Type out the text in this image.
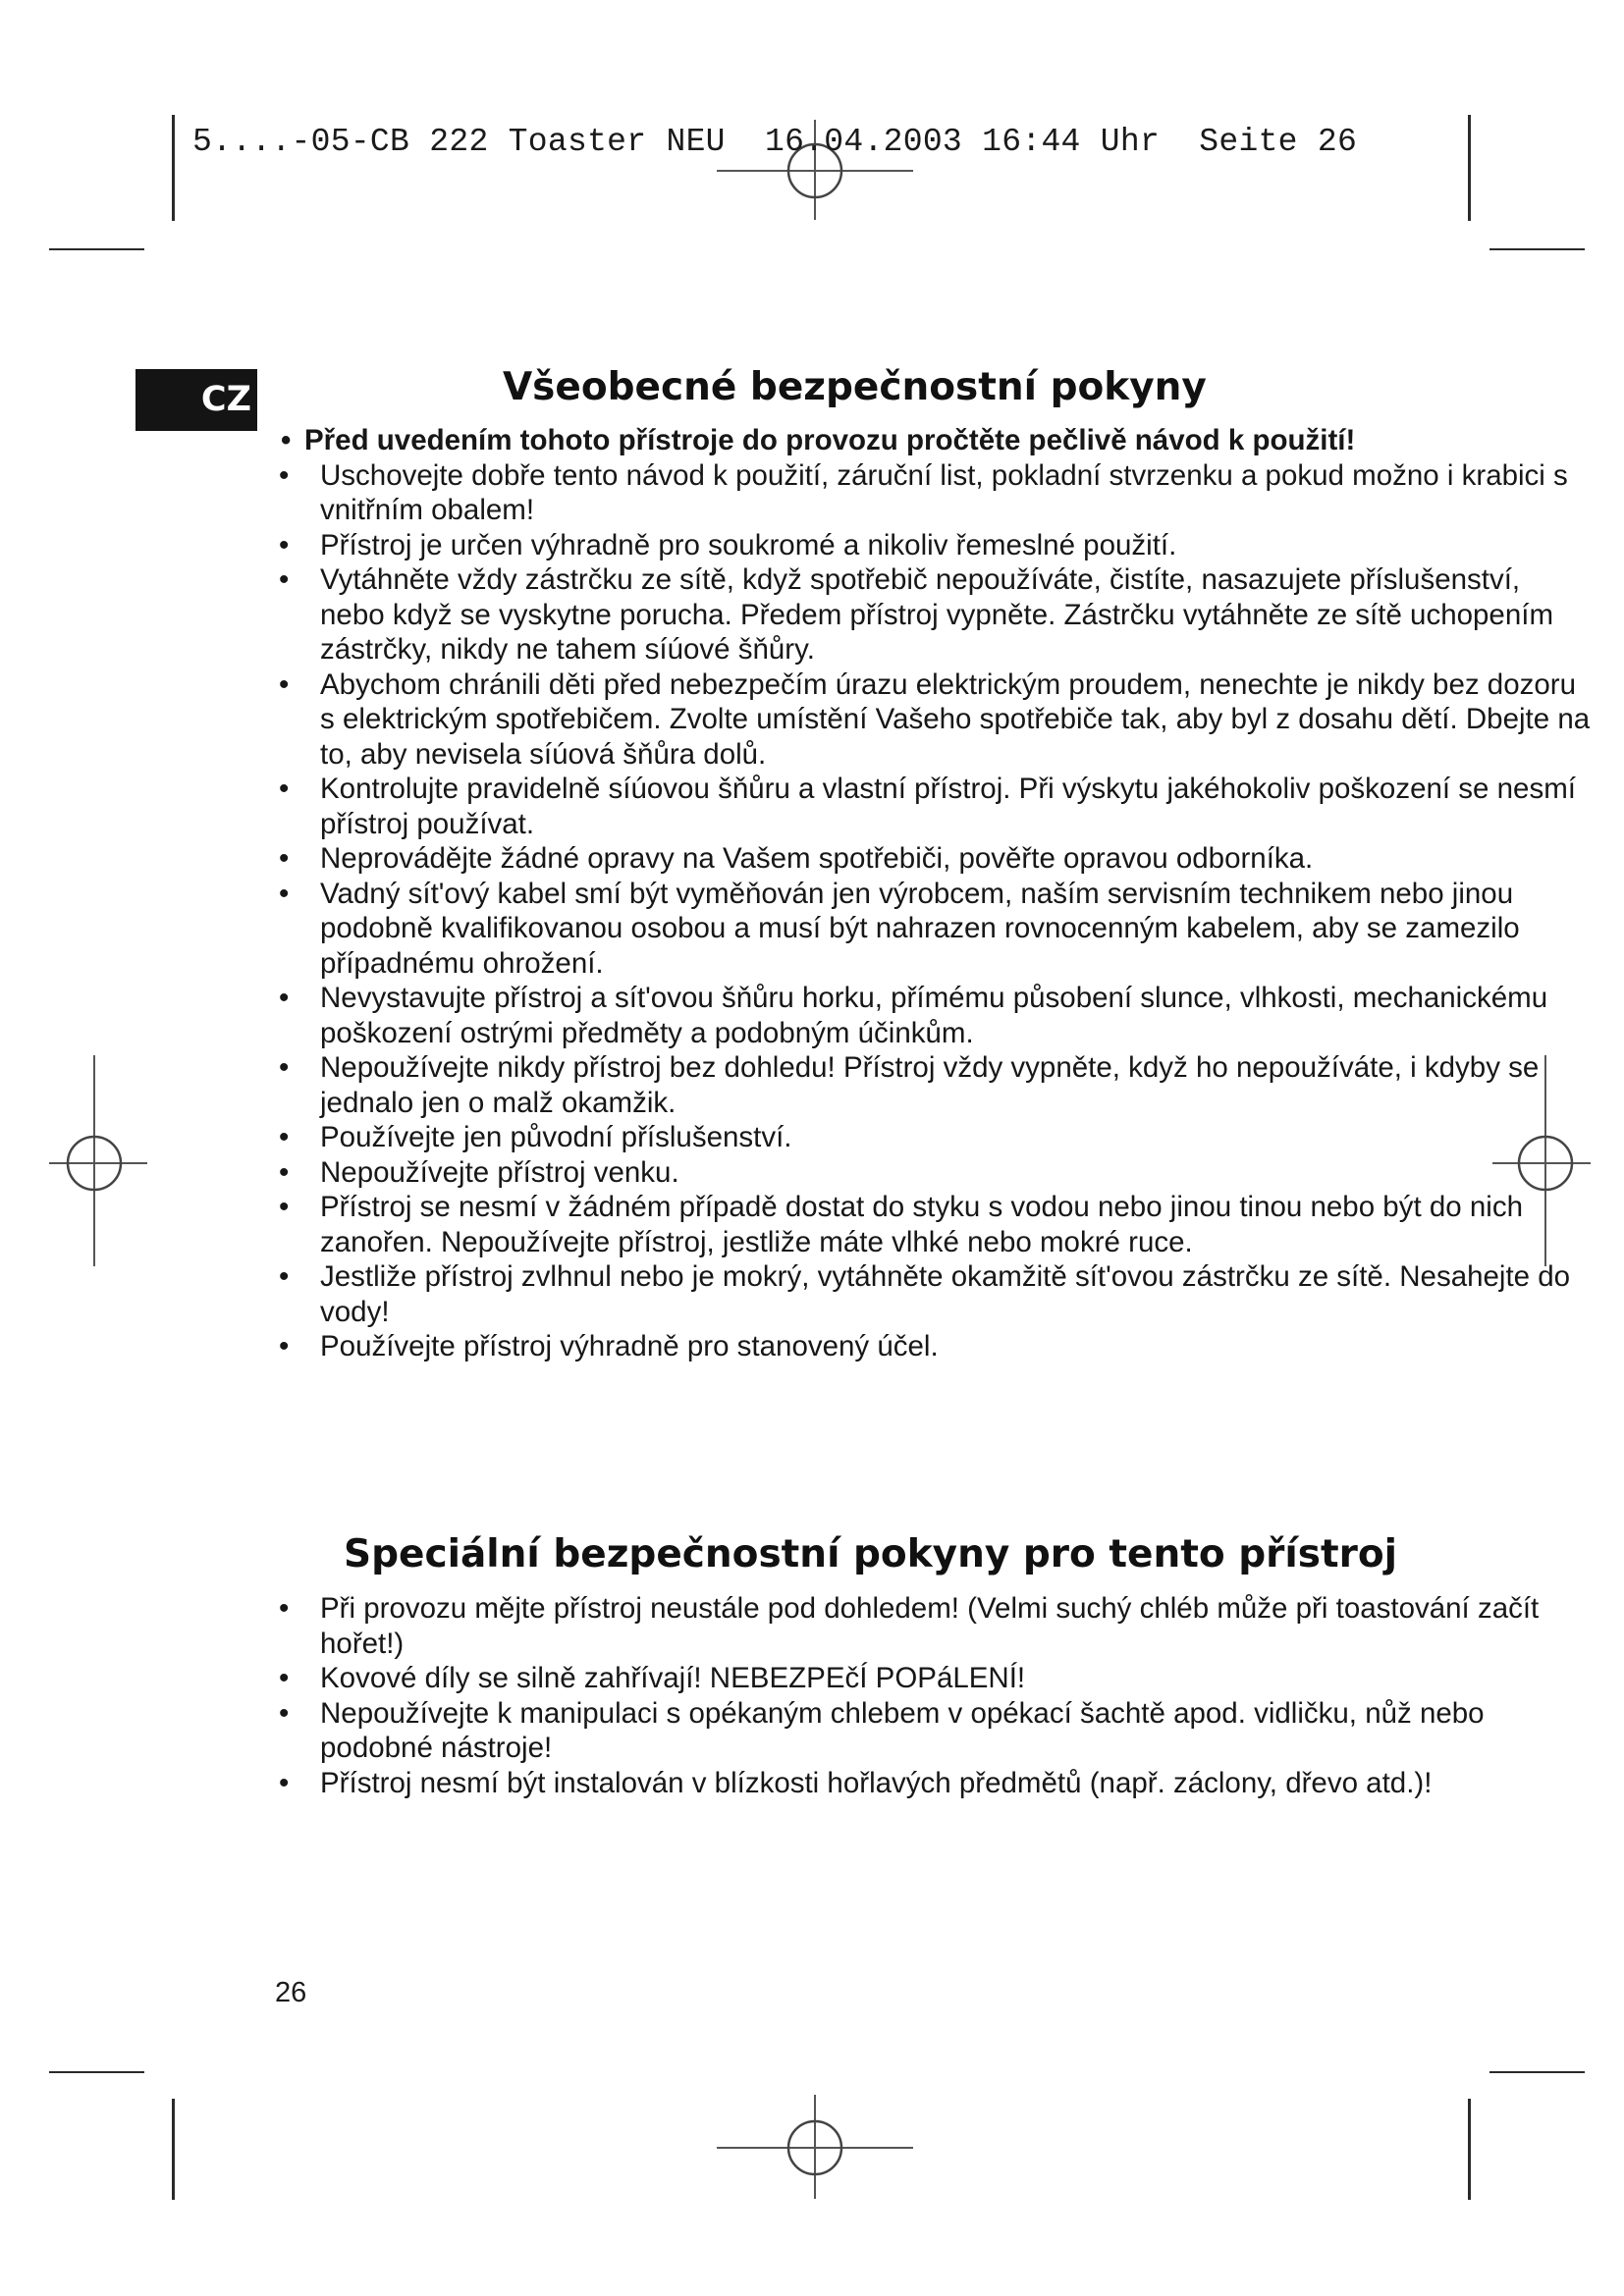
5....-05-CB 222 Toaster NEU  16.04.2003 16:44 Uhr  Seite 26
CZ	Všeobecné bezpečnostní pokyny
• Před uvedením tohoto přístroje do provozu pročtěte pečlivě návod k použití!
• Uschovejte dobře tento návod k použití, záruční list, pokladní stvrzenku a pokud možno i krabici s vnitřním obalem!
• Přístroj je určen výhradně pro soukromé a nikoliv řemeslné použití.
• Vytáhněte vždy zástrčku ze sítě, když spotřebič nepoužíváte, čistíte, nasazujete příslušenství, nebo když se vyskytne porucha. Předem přístroj vypněte. Zástrčku vytáhněte ze sítě uchopením zástrčky, nikdy ne tahem síúové šňůry.
• Abychom chránili děti před nebezpečím úrazu elektrickým proudem, nenechte je nikdy bez dozoru s elektrickým spotřebičem. Zvolte umístění Vašeho spotřebiče tak, aby byl z dosahu dětí. Dbejte na to, aby nevisela síúová šňůra dolů.
• Kontrolujte pravidelně síúovou šňůru a vlastní přístroj. Při výskytu jakéhokoliv poškození se nesmí přístroj používat.
• Neprovádějte žádné opravy na Vašem spotřebiči, pověřte opravou odborníka.
• Vadný sít'ový kabel smí být vyměňován jen výrobcem, naším servisním technikem nebo jinou podobně kvalifikovanou osobou a musí být nahrazen rovnocenným kabelem, aby se zamezilo případnému ohrožení.
• Nevystavujte přístroj a sít'ovou šňůru horku, přímému působení slunce, vlhkosti, mechanickému poškození ostrými předměty a podobným účinkům.
• Nepoužívejte nikdy přístroj bez dohledu! Přístroj vždy vypněte, když ho nepoužíváte, i kdyby se jednalo jen o malž okamžik.
• Používejte jen původní příslušenství.
• Nepoužívejte přístroj venku.
• Přístroj se nesmí v žádném případě dostat do styku s vodou nebo jinou tinou nebo být do nich zanořen. Nepoužívejte přístroj, jestliže máte vlhké nebo mokré ruce.
• Jestliže přístroj zvlhnul nebo je mokrý, vytáhněte okamžitě sít'ovou zástrčku ze sítě. Nesahejte do vody!
• Používejte přístroj výhradně pro stanovený účel.
Speciální bezpečnostní pokyny pro tento přístroj
• Při provozu mějte přístroj neustále pod dohledem! (Velmi suchý chléb může při toastování začít hořet!)
• Kovové díly se silně zahřívají! NEBEZPEčÍ POPáLENÍ!
• Nepoužívejte k manipulaci s opékaným chlebem v opékací šachtě apod. vidličku, nůž nebo podobné nástroje!
• Přístroj nesmí být instalován v blízkosti hořlavých předmětů (např. záclony, dřevo atd.)!
26
